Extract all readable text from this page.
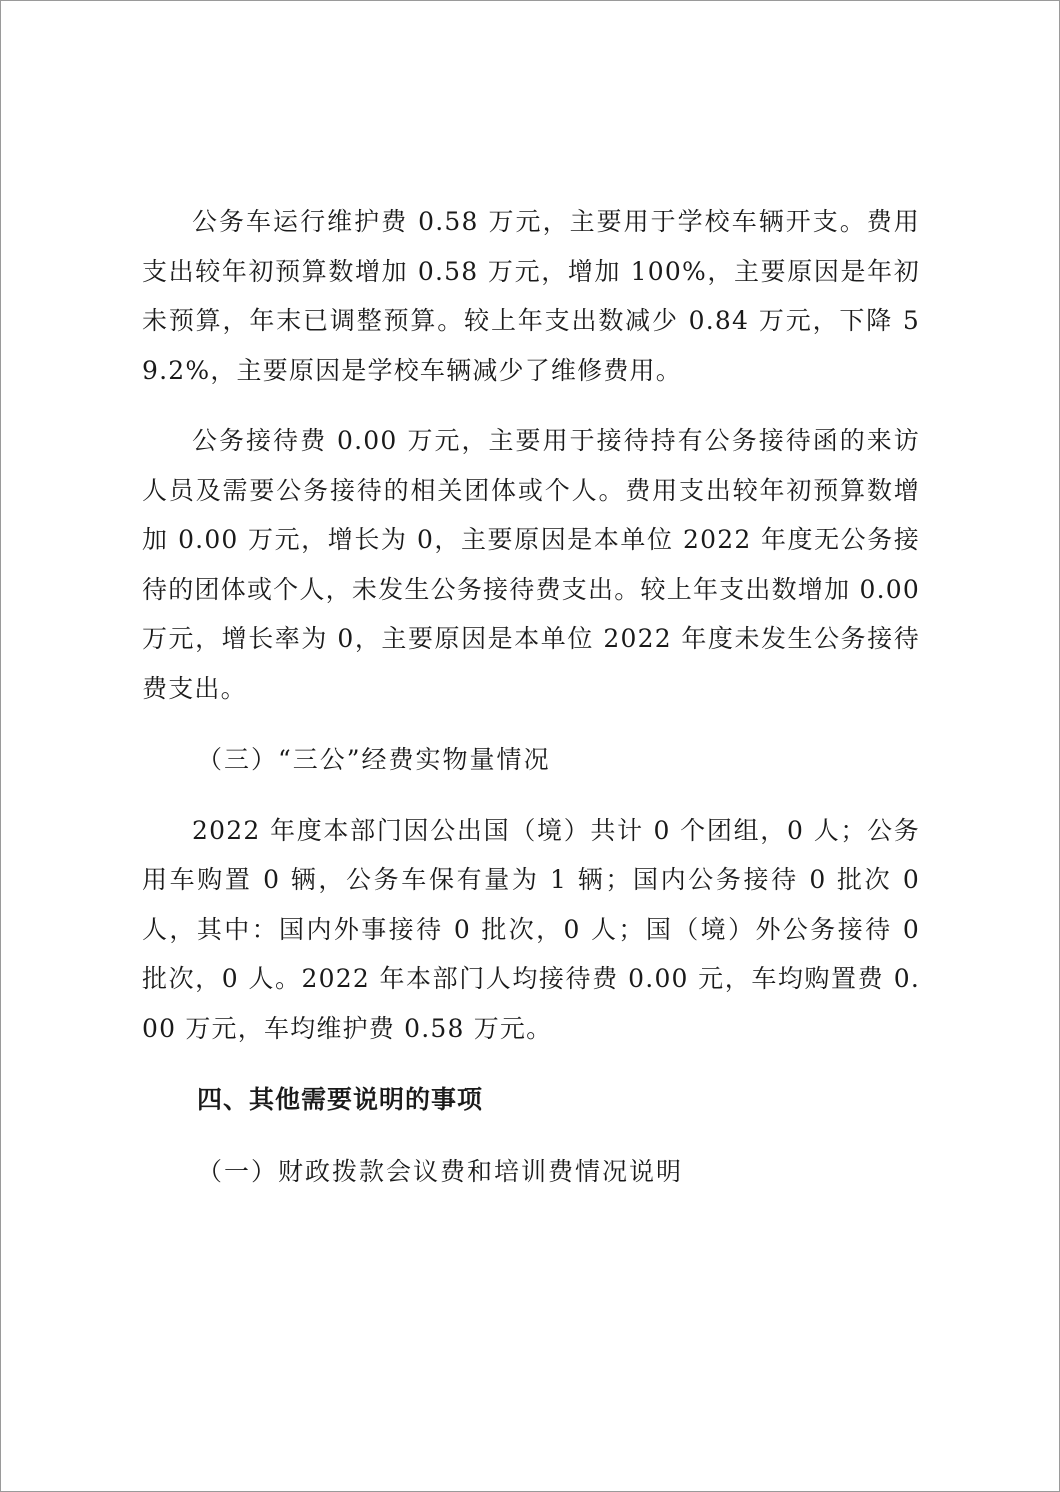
公务车运行维护费 0.58 万元，主要用于学校车辆开支。费用支出较年初预算数增加 0.58 万元，增加 100%，主要原因是年初未预算，年末已调整预算。较上年支出数减少 0.84 万元，下降 59.2%，主要原因是学校车辆减少了维修费用。

公务接待费 0.00 万元，主要用于接待持有公务接待函的来访人员及需要公务接待的相关团体或个人。费用支出较年初预算数增加 0.00 万元，增长为 0，主要原因是本单位 2022 年度无公务接待的团体或个人，未发生公务接待费支出。较上年支出数增加 0.00 万元，增长率为 0，主要原因是本单位 2022 年度未发生公务接待费支出。

（三）“三公”经费实物量情况

2022 年度本部门因公出国（境）共计 0 个团组，0 人；公务用车购置 0 辆，公务车保有量为 1 辆；国内公务接待 0 批次 0 人，其中：国内外事接待 0 批次，0 人；国（境）外公务接待 0 批次，0 人。2022 年本部门人均接待费 0.00 元，车均购置费 0.00 万元，车均维护费 0.58 万元。

四、其他需要说明的事项

（一）财政拨款会议费和培训费情况说明
